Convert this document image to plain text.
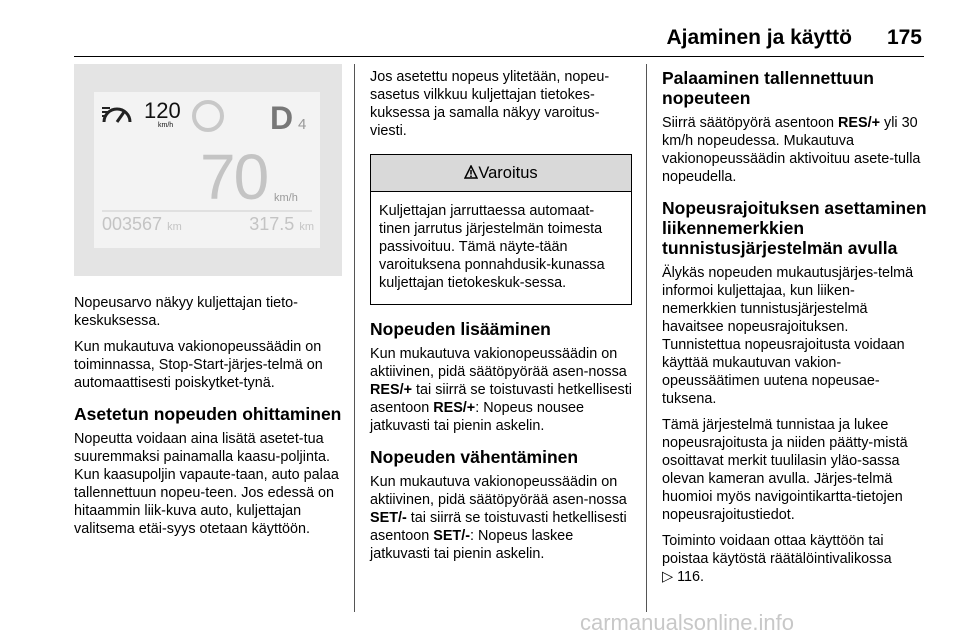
Ajaminen ja käyttö 175
120
km/h	D 4
70 km/h
003567 km	317.5 km

Nopeusarvo näkyy kuljettajan tieto-keskuksessa.

Kun mukautuva vakionopeussäädin on toiminnassa, Stop-Start-järjes-telmä on automaattisesti poiskytket-tynä.

Asetetun nopeuden ohittaminen

Nopeutta voidaan aina lisätä asetet-tua suuremmaksi painamalla kaasu-poljinta. Kun kaasupoljin vapaute-taan, auto palaa tallennettuun nopeu-teen. Jos edessä on hitaammin liik-kuva auto, kuljettajan valitsema etäi-syys otetaan käyttöön.

Jos asetettu nopeus ylitetään, nopeu-sasetus vilkkuu kuljettajan tietokes-kuksessa ja samalla näkyy varoitus-viesti.

Varoitus

Kuljettajan jarruttaessa automaat-tinen jarrutus järjestelmän toimesta passivoituu. Tämä näyte-tään varoituksena ponnahdusik-kunassa kuljettajan tietokeskuk-sessa.

Nopeuden lisääminen

Kun mukautuva vakionopeussäädin on aktiivinen, pidä säätöpyörää asen-nossa RES/+ tai siirrä se toistuvasti hetkellisesti asentoon RES/+: Nopeus nousee jatkuvasti tai pienin askelin.

Nopeuden vähentäminen

Kun mukautuva vakionopeussäädin on aktiivinen, pidä säätöpyörää asen-nossa SET/- tai siirrä se toistuvasti hetkellisesti asentoon SET/-: Nopeus laskee jatkuvasti tai pienin askelin.

Palaaminen tallennettuun nopeuteen

Siirrä säätöpyörä asentoon RES/+ yli 30 km/h nopeudessa. Mukautuva vakionopeussäädin aktivoituu asete-tulla nopeudella.

Nopeusrajoituksen asettaminen liikennemerkkien tunnistusjärjestelmän avulla

Älykäs nopeuden mukautusjärjes-telmä informoi kuljettajaa, kun liiken-nemerkkien tunnistusjärjestelmä havaitsee nopeusrajoituksen. Tunnistettua nopeusrajoitusta voidaan käyttää mukautuvan vakion-opeussäätimen uutena nopeusae-tuksena.

Tämä järjestelmä tunnistaa ja lukee nopeusrajoitusta ja niiden päätty-mistä osoittavat merkit tuulilasin yläo-sassa olevan kameran avulla. Järjes-telmä huomioi myös navigointikartta-tietojen nopeusrajoitustiedot.

Toiminto voidaan ottaa käyttöön tai poistaa käytöstä räätälöintivalikossa
▷ 116.

carmanualsonline.info
